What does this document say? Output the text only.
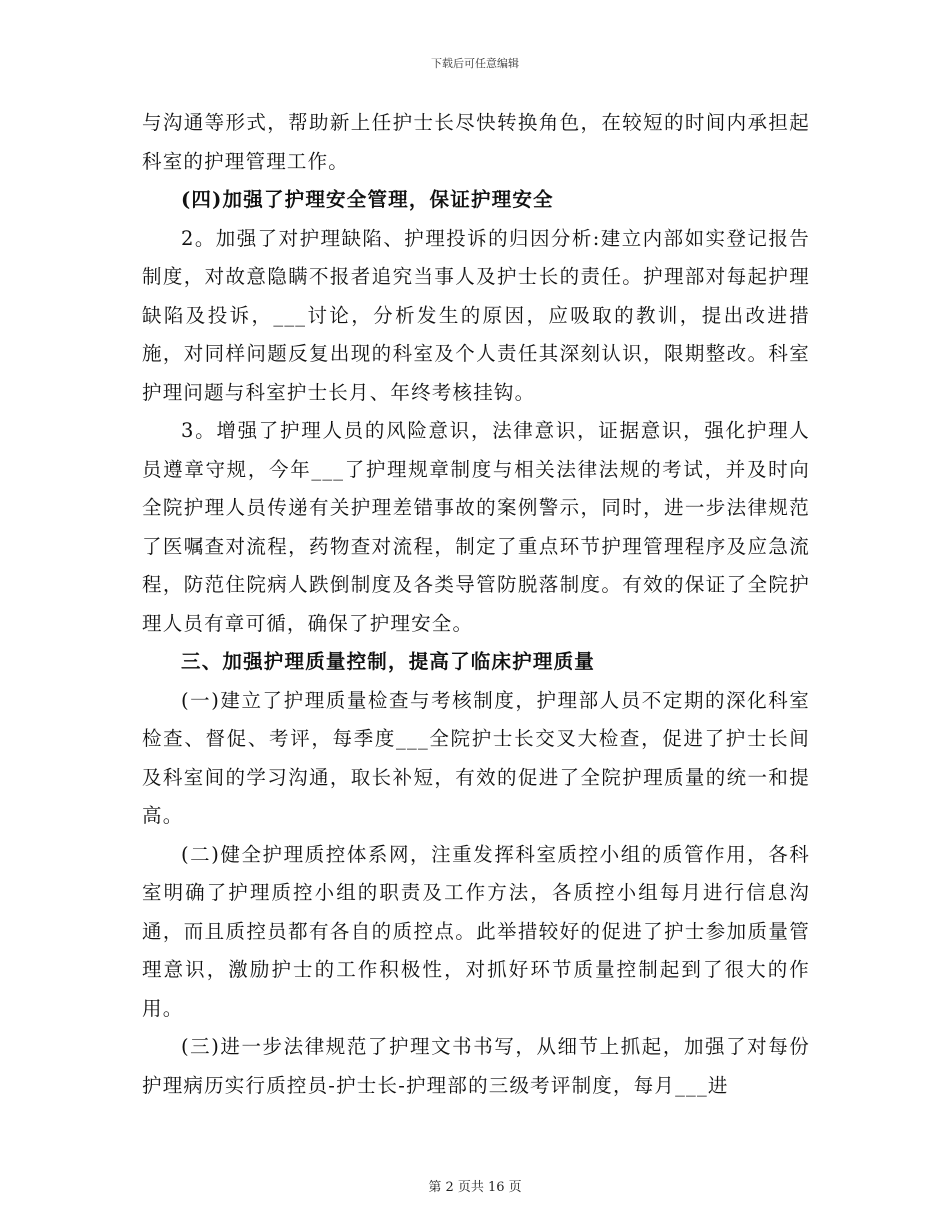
下载后可任意编辑

与沟通等形式，帮助新上任护士长尽快转换角色，在较短的时间内承担起科室的护理管理工作。

(四)加强了护理安全管理，保证护理安全

2。加强了对护理缺陷、护理投诉的归因分析:建立内部如实登记报告制度，对故意隐瞒不报者追究当事人及护士长的责任。护理部对每起护理缺陷及投诉，___讨论，分析发生的原因，应吸取的教训，提出改进措施，对同样问题反复出现的科室及个人责任其深刻认识，限期整改。科室护理问题与科室护士长月、年终考核挂钩。

3。增强了护理人员的风险意识，法律意识，证据意识，强化护理人员遵章守规，今年___了护理规章制度与相关法律法规的考试，并及时向全院护理人员传递有关护理差错事故的案例警示，同时，进一步法律规范了医嘱查对流程，药物查对流程，制定了重点环节护理管理程序及应急流程，防范住院病人跌倒制度及各类导管防脱落制度。有效的保证了全院护理人员有章可循，确保了护理安全。

三、加强护理质量控制，提高了临床护理质量

(一)建立了护理质量检查与考核制度，护理部人员不定期的深化科室检查、督促、考评，每季度___全院护士长交叉大检查，促进了护士长间及科室间的学习沟通，取长补短，有效的促进了全院护理质量的统一和提高。

(二)健全护理质控体系网，注重发挥科室质控小组的质管作用，各科室明确了护理质控小组的职责及工作方法，各质控小组每月进行信息沟通，而且质控员都有各自的质控点。此举措较好的促进了护士参加质量管理意识，激励护士的工作积极性，对抓好环节质量控制起到了很大的作用。

(三)进一步法律规范了护理文书书写，从细节上抓起，加强了对每份护理病历实行质控员-护士长-护理部的三级考评制度，每月___进

第 2 页共 16 页
